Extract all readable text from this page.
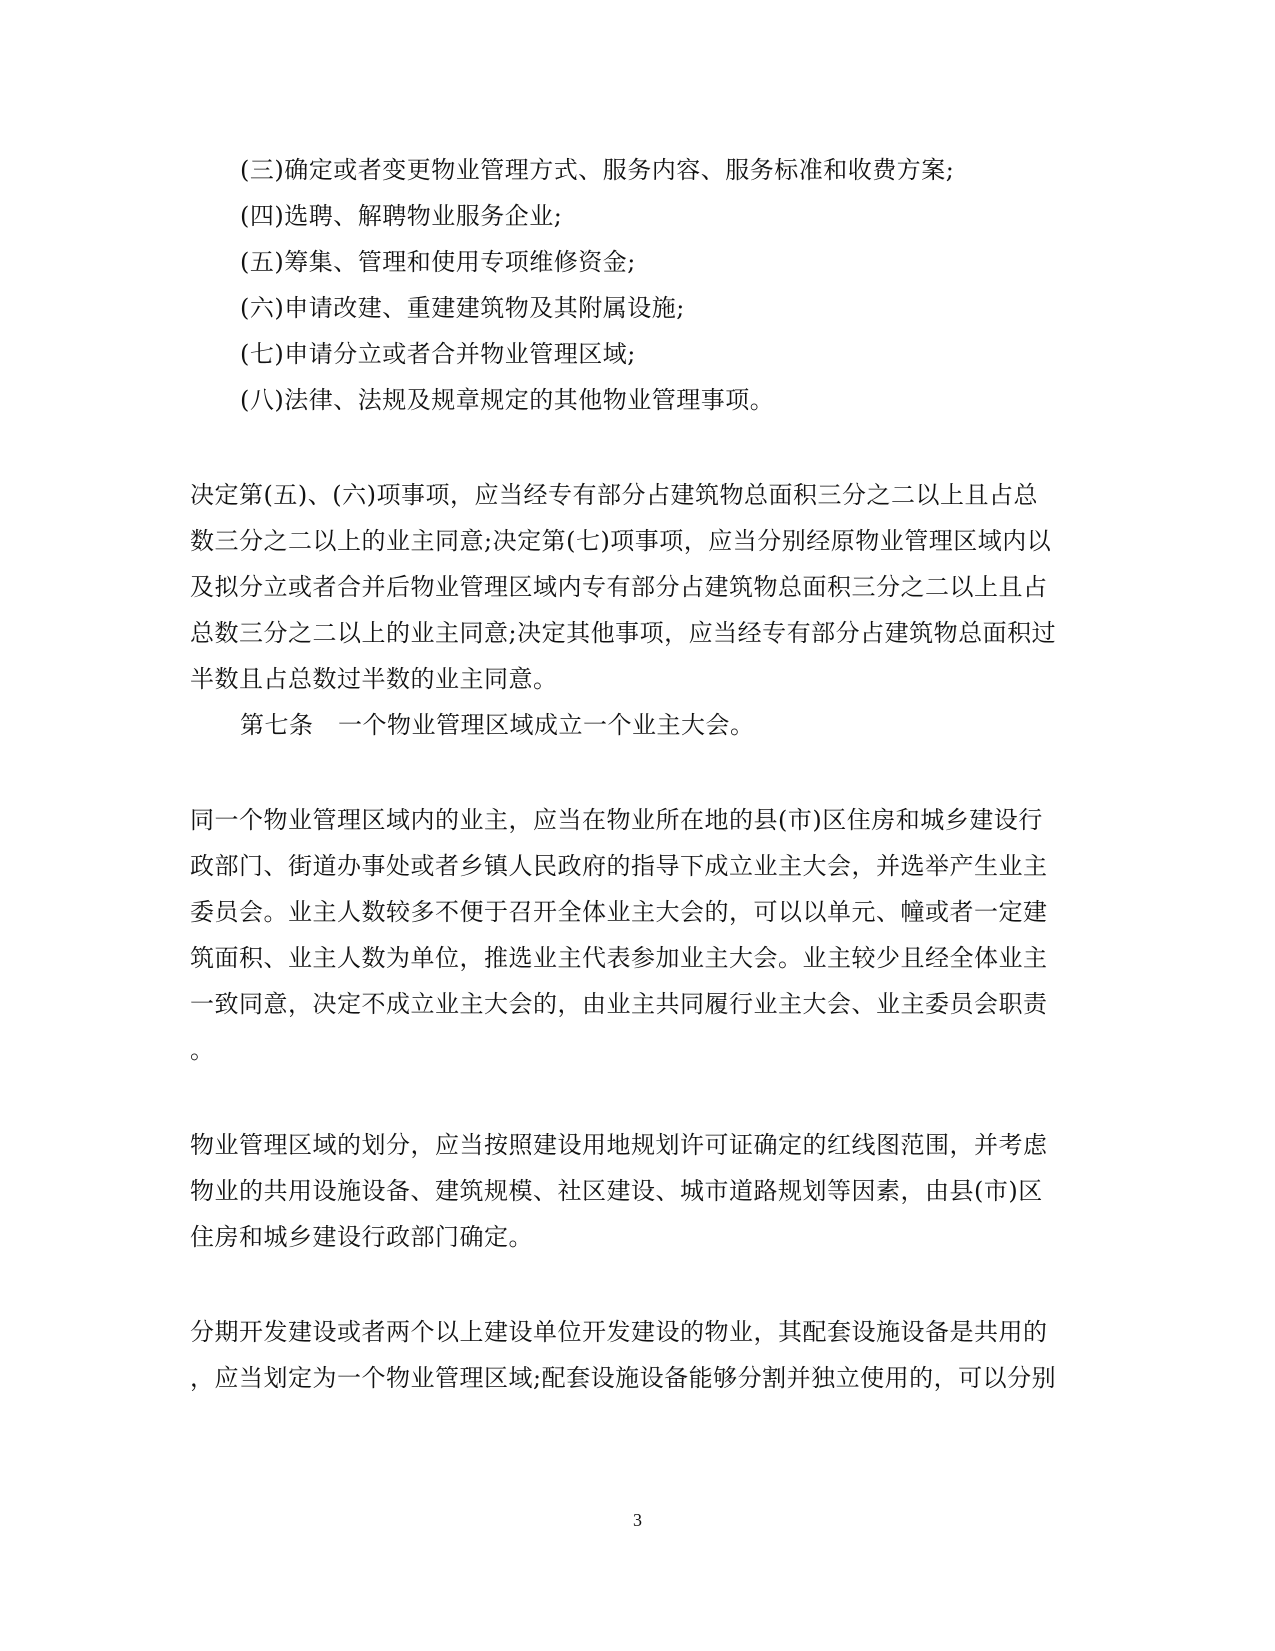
(三)确定或者变更物业管理方式、服务内容、服务标准和收费方案;
(四)选聘、解聘物业服务企业;
(五)筹集、管理和使用专项维修资金;
(六)申请改建、重建建筑物及其附属设施;
(七)申请分立或者合并物业管理区域;
(八)法律、法规及规章规定的其他物业管理事项。
决定第(五)、(六)项事项，应当经专有部分占建筑物总面积三分之二以上且占总
数三分之二以上的业主同意;决定第(七)项事项，应当分别经原物业管理区域内以
及拟分立或者合并后物业管理区域内专有部分占建筑物总面积三分之二以上且占
总数三分之二以上的业主同意;决定其他事项，应当经专有部分占建筑物总面积过
半数且占总数过半数的业主同意。
第七条　一个物业管理区域成立一个业主大会。
同一个物业管理区域内的业主，应当在物业所在地的县(市)区住房和城乡建设行
政部门、街道办事处或者乡镇人民政府的指导下成立业主大会，并选举产生业主
委员会。业主人数较多不便于召开全体业主大会的，可以以单元、幢或者一定建
筑面积、业主人数为单位，推选业主代表参加业主大会。业主较少且经全体业主
一致同意，决定不成立业主大会的，由业主共同履行业主大会、业主委员会职责
。
物业管理区域的划分，应当按照建设用地规划许可证确定的红线图范围，并考虑
物业的共用设施设备、建筑规模、社区建设、城市道路规划等因素，由县(市)区
住房和城乡建设行政部门确定。
分期开发建设或者两个以上建设单位开发建设的物业，其配套设施设备是共用的
，应当划定为一个物业管理区域;配套设施设备能够分割并独立使用的，可以分别
3
